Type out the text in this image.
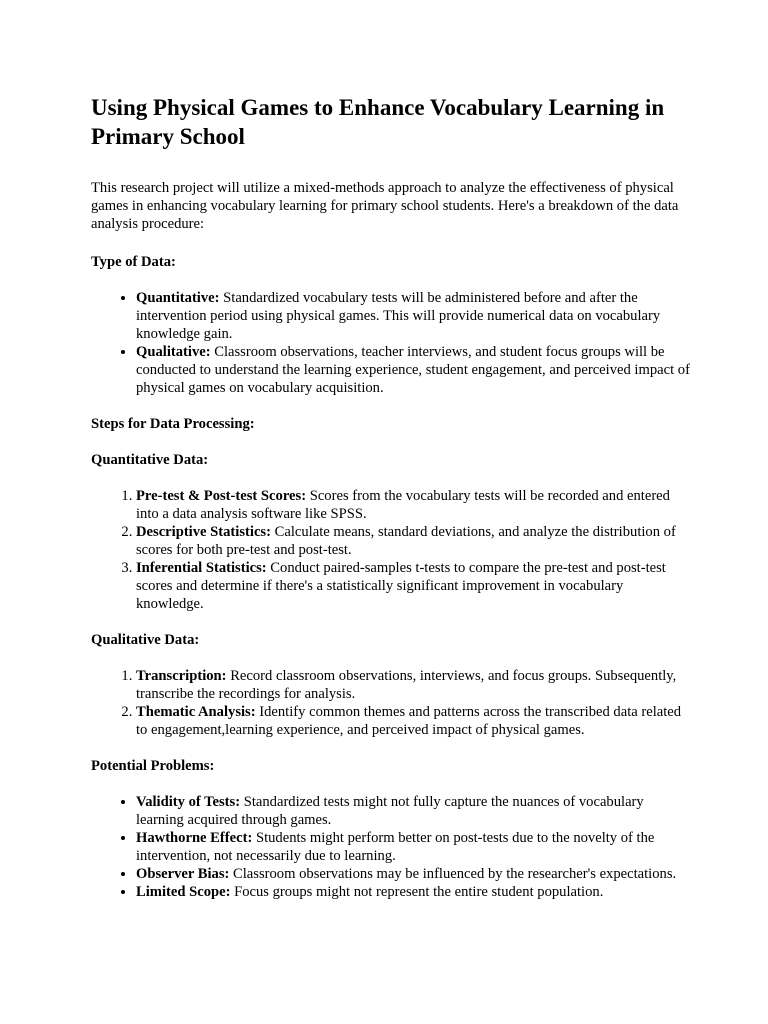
Using Physical Games to Enhance Vocabulary Learning in Primary School

This research project will utilize a mixed-methods approach to analyze the effectiveness of physical games in enhancing vocabulary learning for primary school students. Here's a breakdown of the data analysis procedure:

Type of Data:

• Quantitative: Standardized vocabulary tests will be administered before and after the intervention period using physical games. This will provide numerical data on vocabulary knowledge gain.
• Qualitative: Classroom observations, teacher interviews, and student focus groups will be conducted to understand the learning experience, student engagement, and perceived impact of physical games on vocabulary acquisition.

Steps for Data Processing:

Quantitative Data:

1. Pre-test & Post-test Scores: Scores from the vocabulary tests will be recorded and entered into a data analysis software like SPSS.
2. Descriptive Statistics: Calculate means, standard deviations, and analyze the distribution of scores for both pre-test and post-test.
3. Inferential Statistics: Conduct paired-samples t-tests to compare the pre-test and post-test scores and determine if there's a statistically significant improvement in vocabulary knowledge.

Qualitative Data:

1. Transcription: Record classroom observations, interviews, and focus groups. Subsequently, transcribe the recordings for analysis.
2. Thematic Analysis: Identify common themes and patterns across the transcribed data related to engagement,learning experience, and perceived impact of physical games.

Potential Problems:

• Validity of Tests: Standardized tests might not fully capture the nuances of vocabulary learning acquired through games.
• Hawthorne Effect: Students might perform better on post-tests due to the novelty of the intervention, not necessarily due to learning.
• Observer Bias: Classroom observations may be influenced by the researcher's expectations.
• Limited Scope: Focus groups might not represent the entire student population.
